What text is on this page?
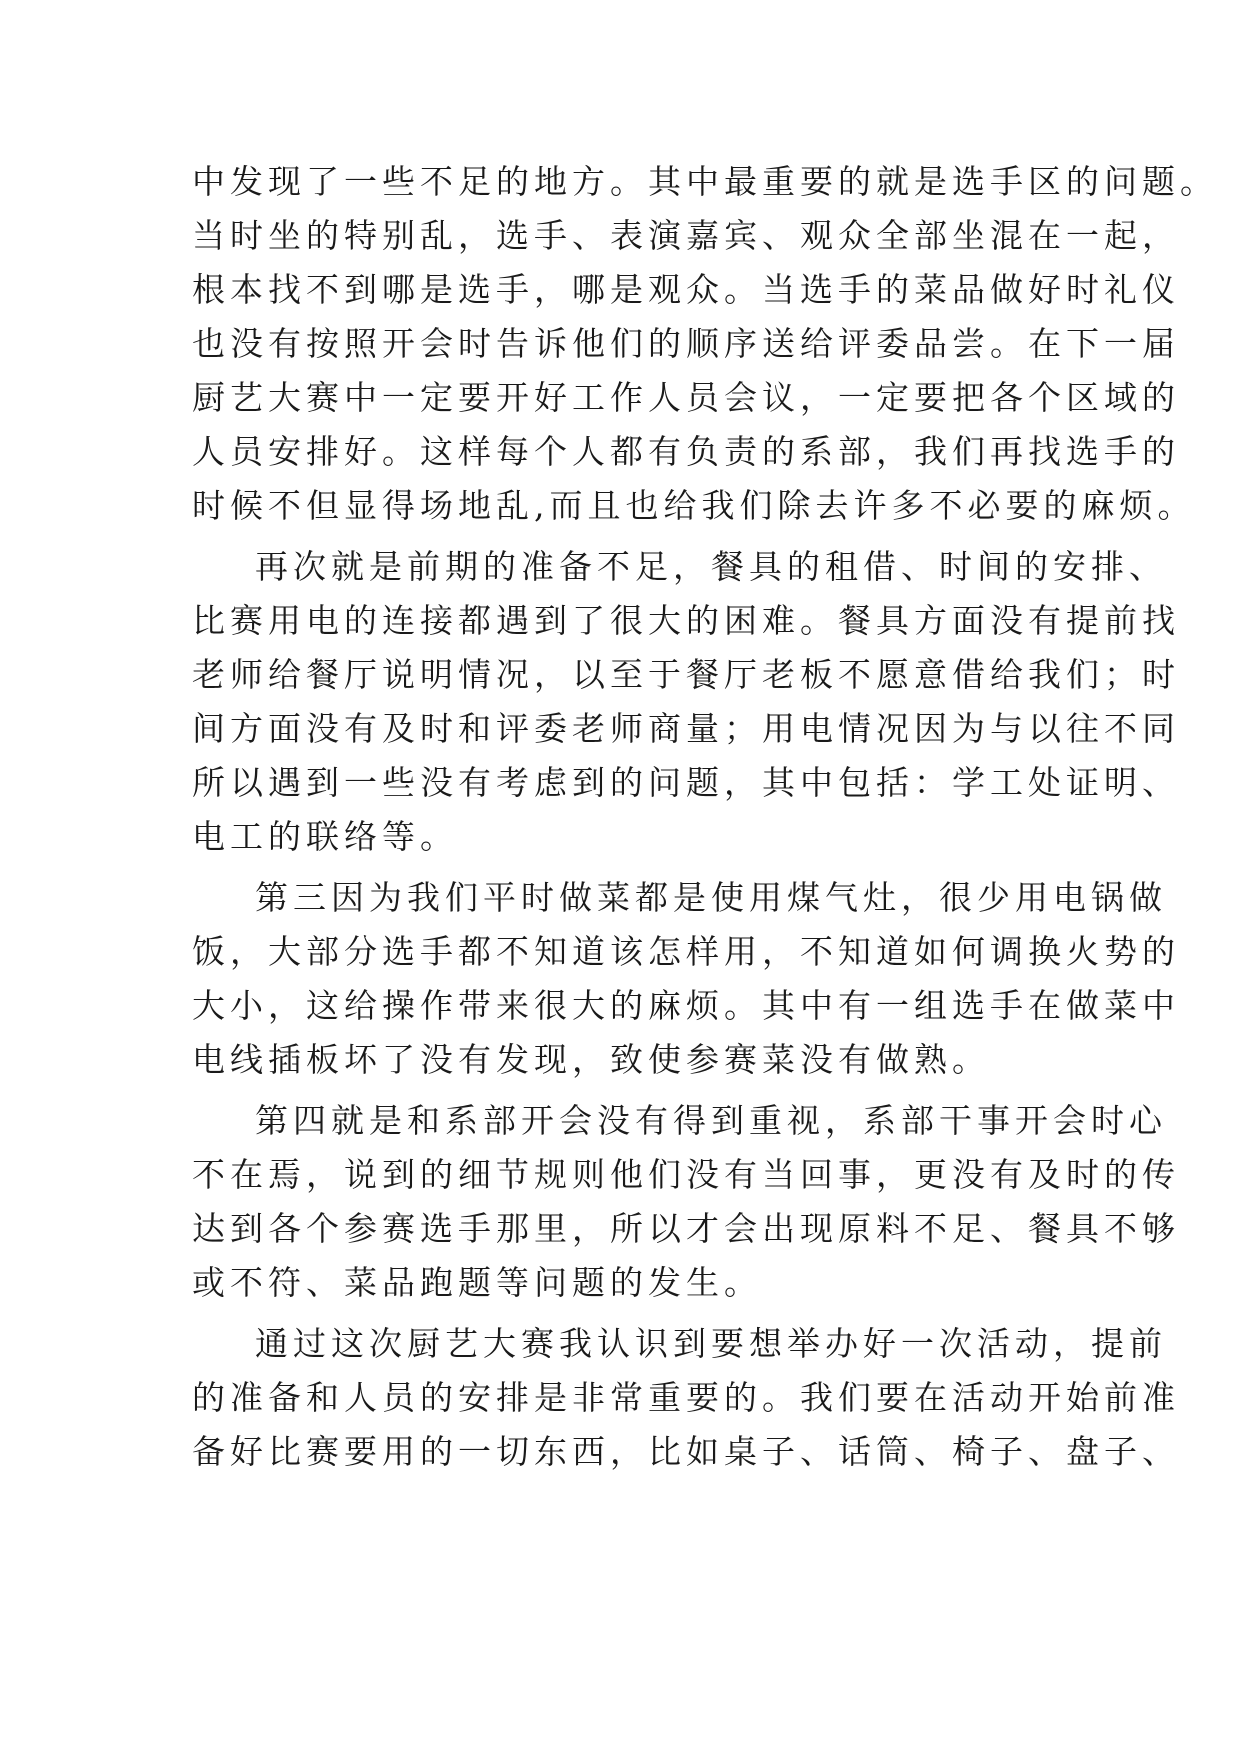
中发现了一些不足的地方。其中最重要的就是选手区的问题。

当时坐的特别乱，选手、表演嘉宾、观众全部坐混在一起，

根本找不到哪是选手，哪是观众。当选手的菜品做好时礼仪

也没有按照开会时告诉他们的顺序送给评委品尝。在下一届

厨艺大赛中一定要开好工作人员会议，一定要把各个区域的

人员安排好。这样每个人都有负责的系部，我们再找选手的

时候不但显得场地乱,而且也给我们除去许多不必要的麻烦。

再次就是前期的准备不足，餐具的租借、时间的安排、

比赛用电的连接都遇到了很大的困难。餐具方面没有提前找

老师给餐厅说明情况，以至于餐厅老板不愿意借给我们；时

间方面没有及时和评委老师商量；用电情况因为与以往不同

所以遇到一些没有考虑到的问题，其中包括：学工处证明、

电工的联络等。

第三因为我们平时做菜都是使用煤气灶，很少用电锅做

饭，大部分选手都不知道该怎样用，不知道如何调换火势的

大小，这给操作带来很大的麻烦。其中有一组选手在做菜中

电线插板坏了没有发现，致使参赛菜没有做熟。

第四就是和系部开会没有得到重视，系部干事开会时心

不在焉，说到的细节规则他们没有当回事，更没有及时的传

达到各个参赛选手那里，所以才会出现原料不足、餐具不够

或不符、菜品跑题等问题的发生。

通过这次厨艺大赛我认识到要想举办好一次活动，提前

的准备和人员的安排是非常重要的。我们要在活动开始前准

备好比赛要用的一切东西，比如桌子、话筒、椅子、盘子、
